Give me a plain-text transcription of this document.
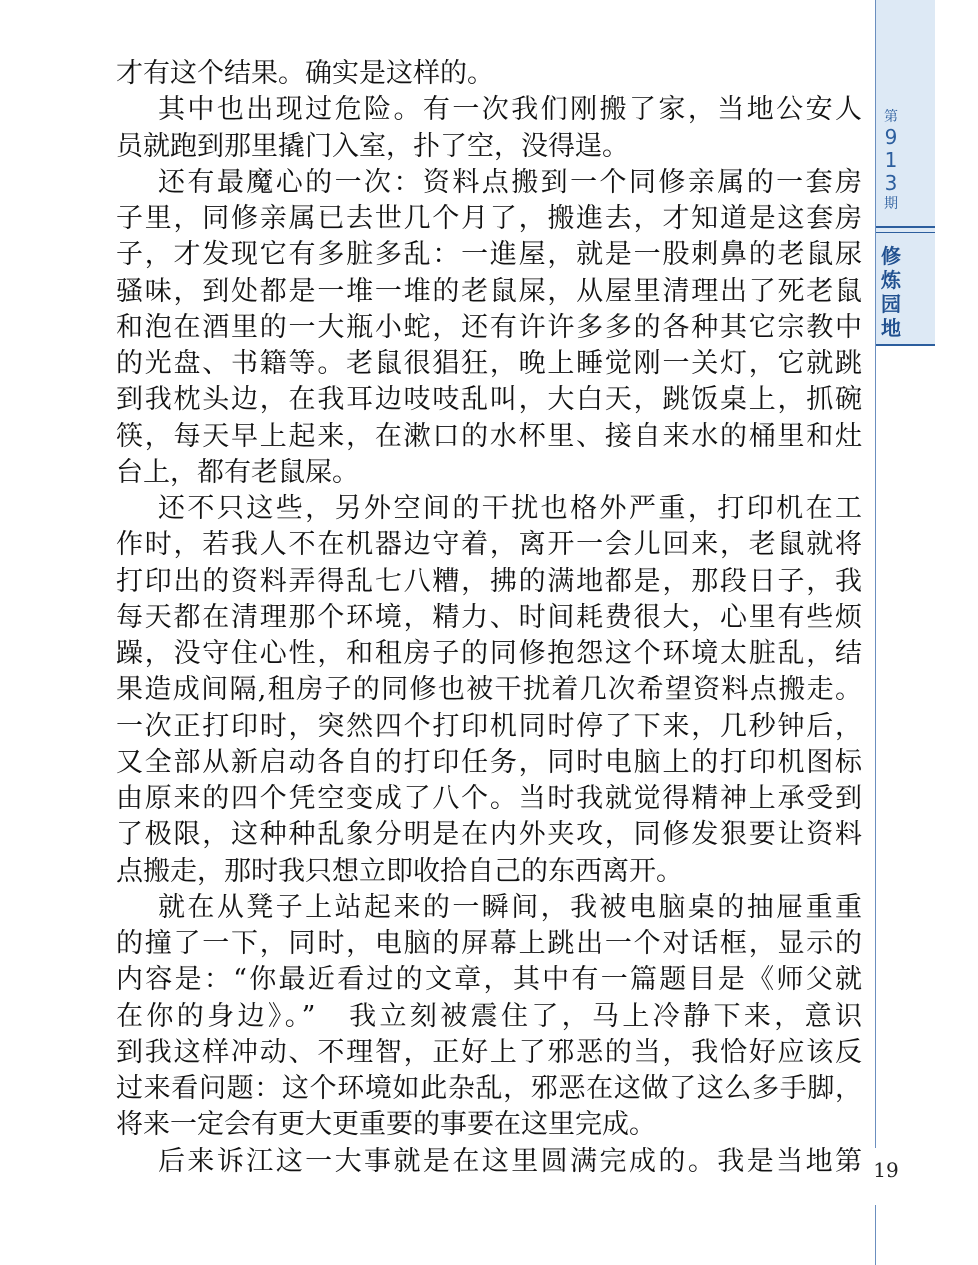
第
9
1
3
期
修
炼
园
地
19
才有这个结果。确实是这样的。
其中也出现过危险。有一次我们刚搬了家，当地公安人
员就跑到那里撬门入室，扑了空，没得逞。
还有最魔心的一次：资料点搬到一个同修亲属的一套房
子里，同修亲属已去世几个月了，搬進去，才知道是这套房
子，才发现它有多脏多乱：一進屋，就是一股刺鼻的老鼠尿
骚味，到处都是一堆一堆的老鼠屎，从屋里清理出了死老鼠
和泡在酒里的一大瓶小蛇，还有许许多多的各种其它宗教中
的光盘、书籍等。老鼠很猖狂，晚上睡觉刚一关灯，它就跳
到我枕头边，在我耳边吱吱乱叫，大白天，跳饭桌上，抓碗
筷，每天早上起来，在漱口的水杯里、接自来水的桶里和灶
台上，都有老鼠屎。
还不只这些，另外空间的干扰也格外严重，打印机在工
作时，若我人不在机器边守着，离开一会儿回来，老鼠就将
打印出的资料弄得乱七八糟，拂的满地都是，那段日子，我
每天都在清理那个环境，精力、时间耗费很大，心里有些烦
躁，没守住心性，和租房子的同修抱怨这个环境太脏乱，结
果造成间隔,租房子的同修也被干扰着几次希望资料点搬走。
一次正打印时，突然四个打印机同时停了下来，几秒钟后，
又全部从新启动各自的打印任务，同时电脑上的打印机图标
由原来的四个凭空变成了八个。当时我就觉得精神上承受到
了极限，这种种乱象分明是在内外夹攻，同修发狠要让资料
点搬走，那时我只想立即收拾自己的东西离开。
就在从凳子上站起来的一瞬间，我被电脑桌的抽屉重重
的撞了一下，同时，电脑的屏幕上跳出一个对话框，显示的
内容是：“你最近看过的文章，其中有一篇题目是《师父就
在你的身边》。”　我立刻被震住了，马上冷静下来，意识
到我这样冲动、不理智，正好上了邪恶的当，我恰好应该反
过来看问题：这个环境如此杂乱，邪恶在这做了这么多手脚，
将来一定会有更大更重要的事要在这里完成。
后来诉江这一大事就是在这里圆满完成的。我是当地第
